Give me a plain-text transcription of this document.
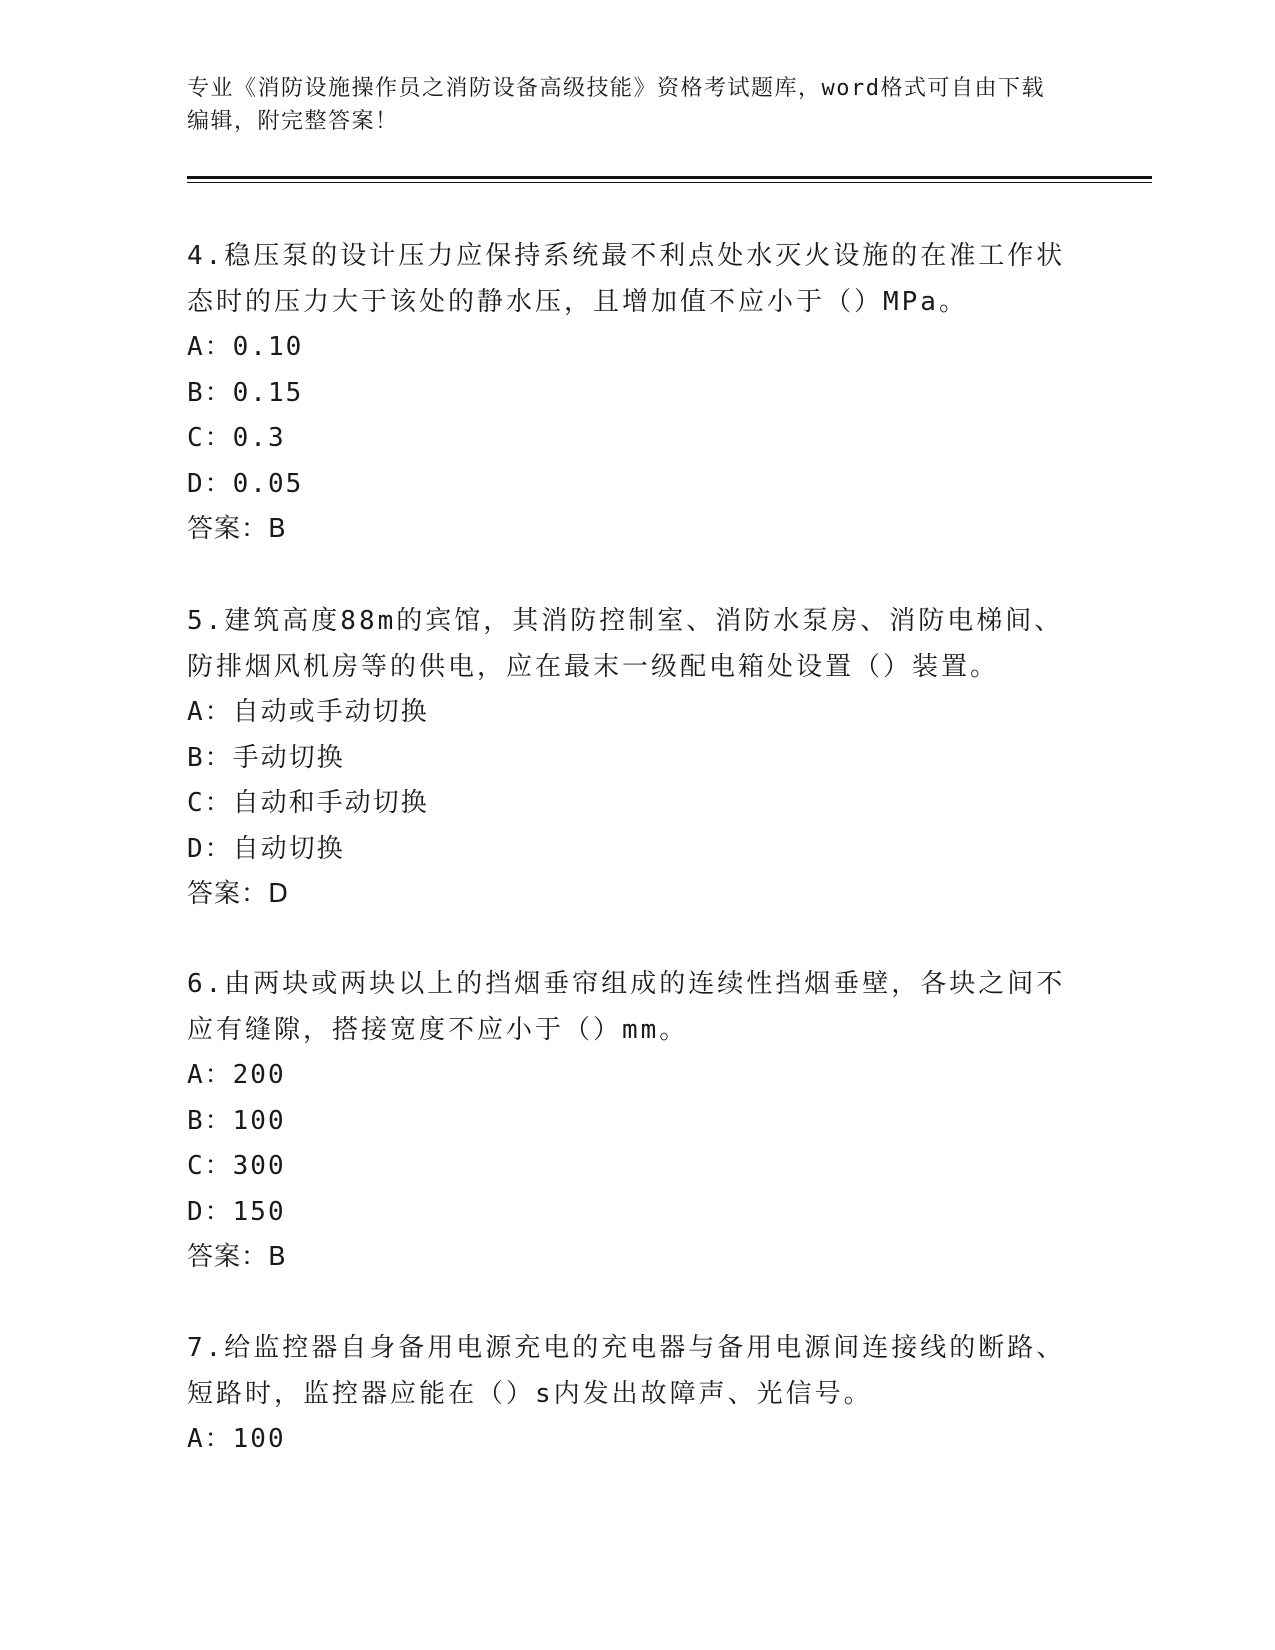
专业《消防设施操作员之消防设备高级技能》资格考试题库，word格式可自由下载编辑，附完整答案！

4.稳压泵的设计压力应保持系统最不利点处水灭火设施的在准工作状态时的压力大于该处的静水压，且增加值不应小于（）MPa。

A：0.10

B：0.15

C：0.3

D：0.05

答案：B

5.建筑高度88m的宾馆，其消防控制室、消防水泵房、消防电梯间、防排烟风机房等的供电，应在最末一级配电箱处设置（）装置。

A：自动或手动切换

B：手动切换

C：自动和手动切换

D：自动切换

答案：D

6.由两块或两块以上的挡烟垂帘组成的连续性挡烟垂壁，各块之间不应有缝隙，搭接宽度不应小于（）mm。

A：200

B：100

C：300

D：150

答案：B

7.给监控器自身备用电源充电的充电器与备用电源间连接线的断路、短路时，监控器应能在（）s内发出故障声、光信号。

A：100
